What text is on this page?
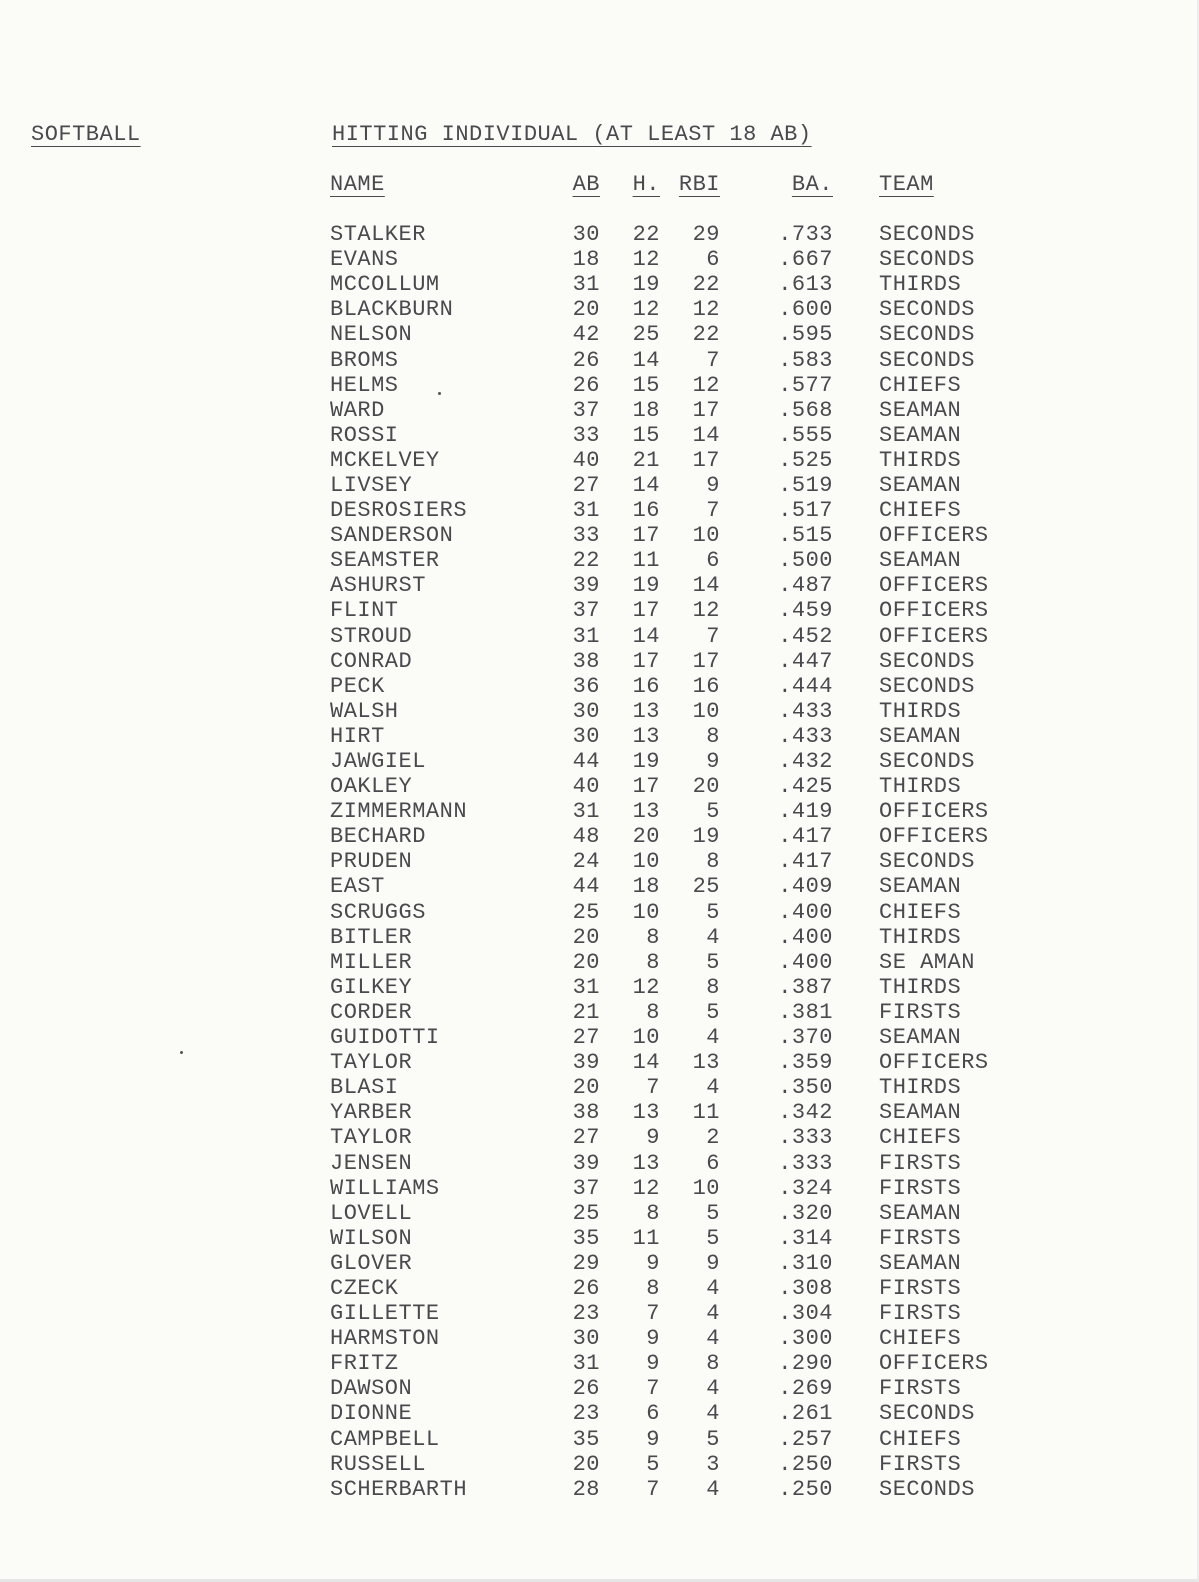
SOFTBALL	HITTING INDIVIDUAL (AT LEAST 18 AB)
NAME	AB	H.	RBI	BA.	TEAM

STALKER	30	22	29	.733	SECONDS
EVANS	18	12	6	.667	SECONDS
MCCOLLUM	31	19	22	.613	THIRDS
BLACKBURN	20	12	12	.600	SECONDS
NELSON	42	25	22	.595	SECONDS
BROMS	26	14	7	.583	SECONDS
HELMS	26	15	12	.577	CHIEFS
WARD	37	18	17	.568	SEAMAN
ROSSI	33	15	14	.555	SEAMAN
MCKELVEY	40	21	17	.525	THIRDS
LIVSEY	27	14	9	.519	SEAMAN
DESROSIERS	31	16	7	.517	CHIEFS
SANDERSON	33	17	10	.515	OFFICERS
SEAMSTER	22	11	6	.500	SEAMAN
ASHURST	39	19	14	.487	OFFICERS
FLINT	37	17	12	.459	OFFICERS
STROUD	31	14	7	.452	OFFICERS
CONRAD	38	17	17	.447	SECONDS
PECK	36	16	16	.444	SECONDS
WALSH	30	13	10	.433	THIRDS
HIRT	30	13	8	.433	SEAMAN
JAWGIEL	44	19	9	.432	SECONDS
OAKLEY	40	17	20	.425	THIRDS
ZIMMERMANN	31	13	5	.419	OFFICERS
BECHARD	48	20	19	.417	OFFICERS
PRUDEN	24	10	8	.417	SECONDS
EAST	44	18	25	.409	SEAMAN
SCRUGGS	25	10	5	.400	CHIEFS
BITLER	20	8	4	.400	THIRDS
MILLER	20	8	5	.400	SE AMAN
GILKEY	31	12	8	.387	THIRDS
CORDER	21	8	5	.381	FIRSTS
GUIDOTTI	27	10	4	.370	SEAMAN
TAYLOR	39	14	13	.359	OFFICERS
BLASI	20	7	4	.350	THIRDS
YARBER	38	13	11	.342	SEAMAN
TAYLOR	27	9	2	.333	CHIEFS
JENSEN	39	13	6	.333	FIRSTS
WILLIAMS	37	12	10	.324	FIRSTS
LOVELL	25	8	5	.320	SEAMAN
WILSON	35	11	5	.314	FIRSTS
GLOVER	29	9	9	.310	SEAMAN
CZECK	26	8	4	.308	FIRSTS
GILLETTE	23	7	4	.304	FIRSTS
HARMSTON	30	9	4	.300	CHIEFS
FRITZ	31	9	8	.290	OFFICERS
DAWSON	26	7	4	.269	FIRSTS
DIONNE	23	6	4	.261	SECONDS
CAMPBELL	35	9	5	.257	CHIEFS
RUSSELL	20	5	3	.250	FIRSTS
SCHERBARTH	28	7	4	.250	SECONDS
